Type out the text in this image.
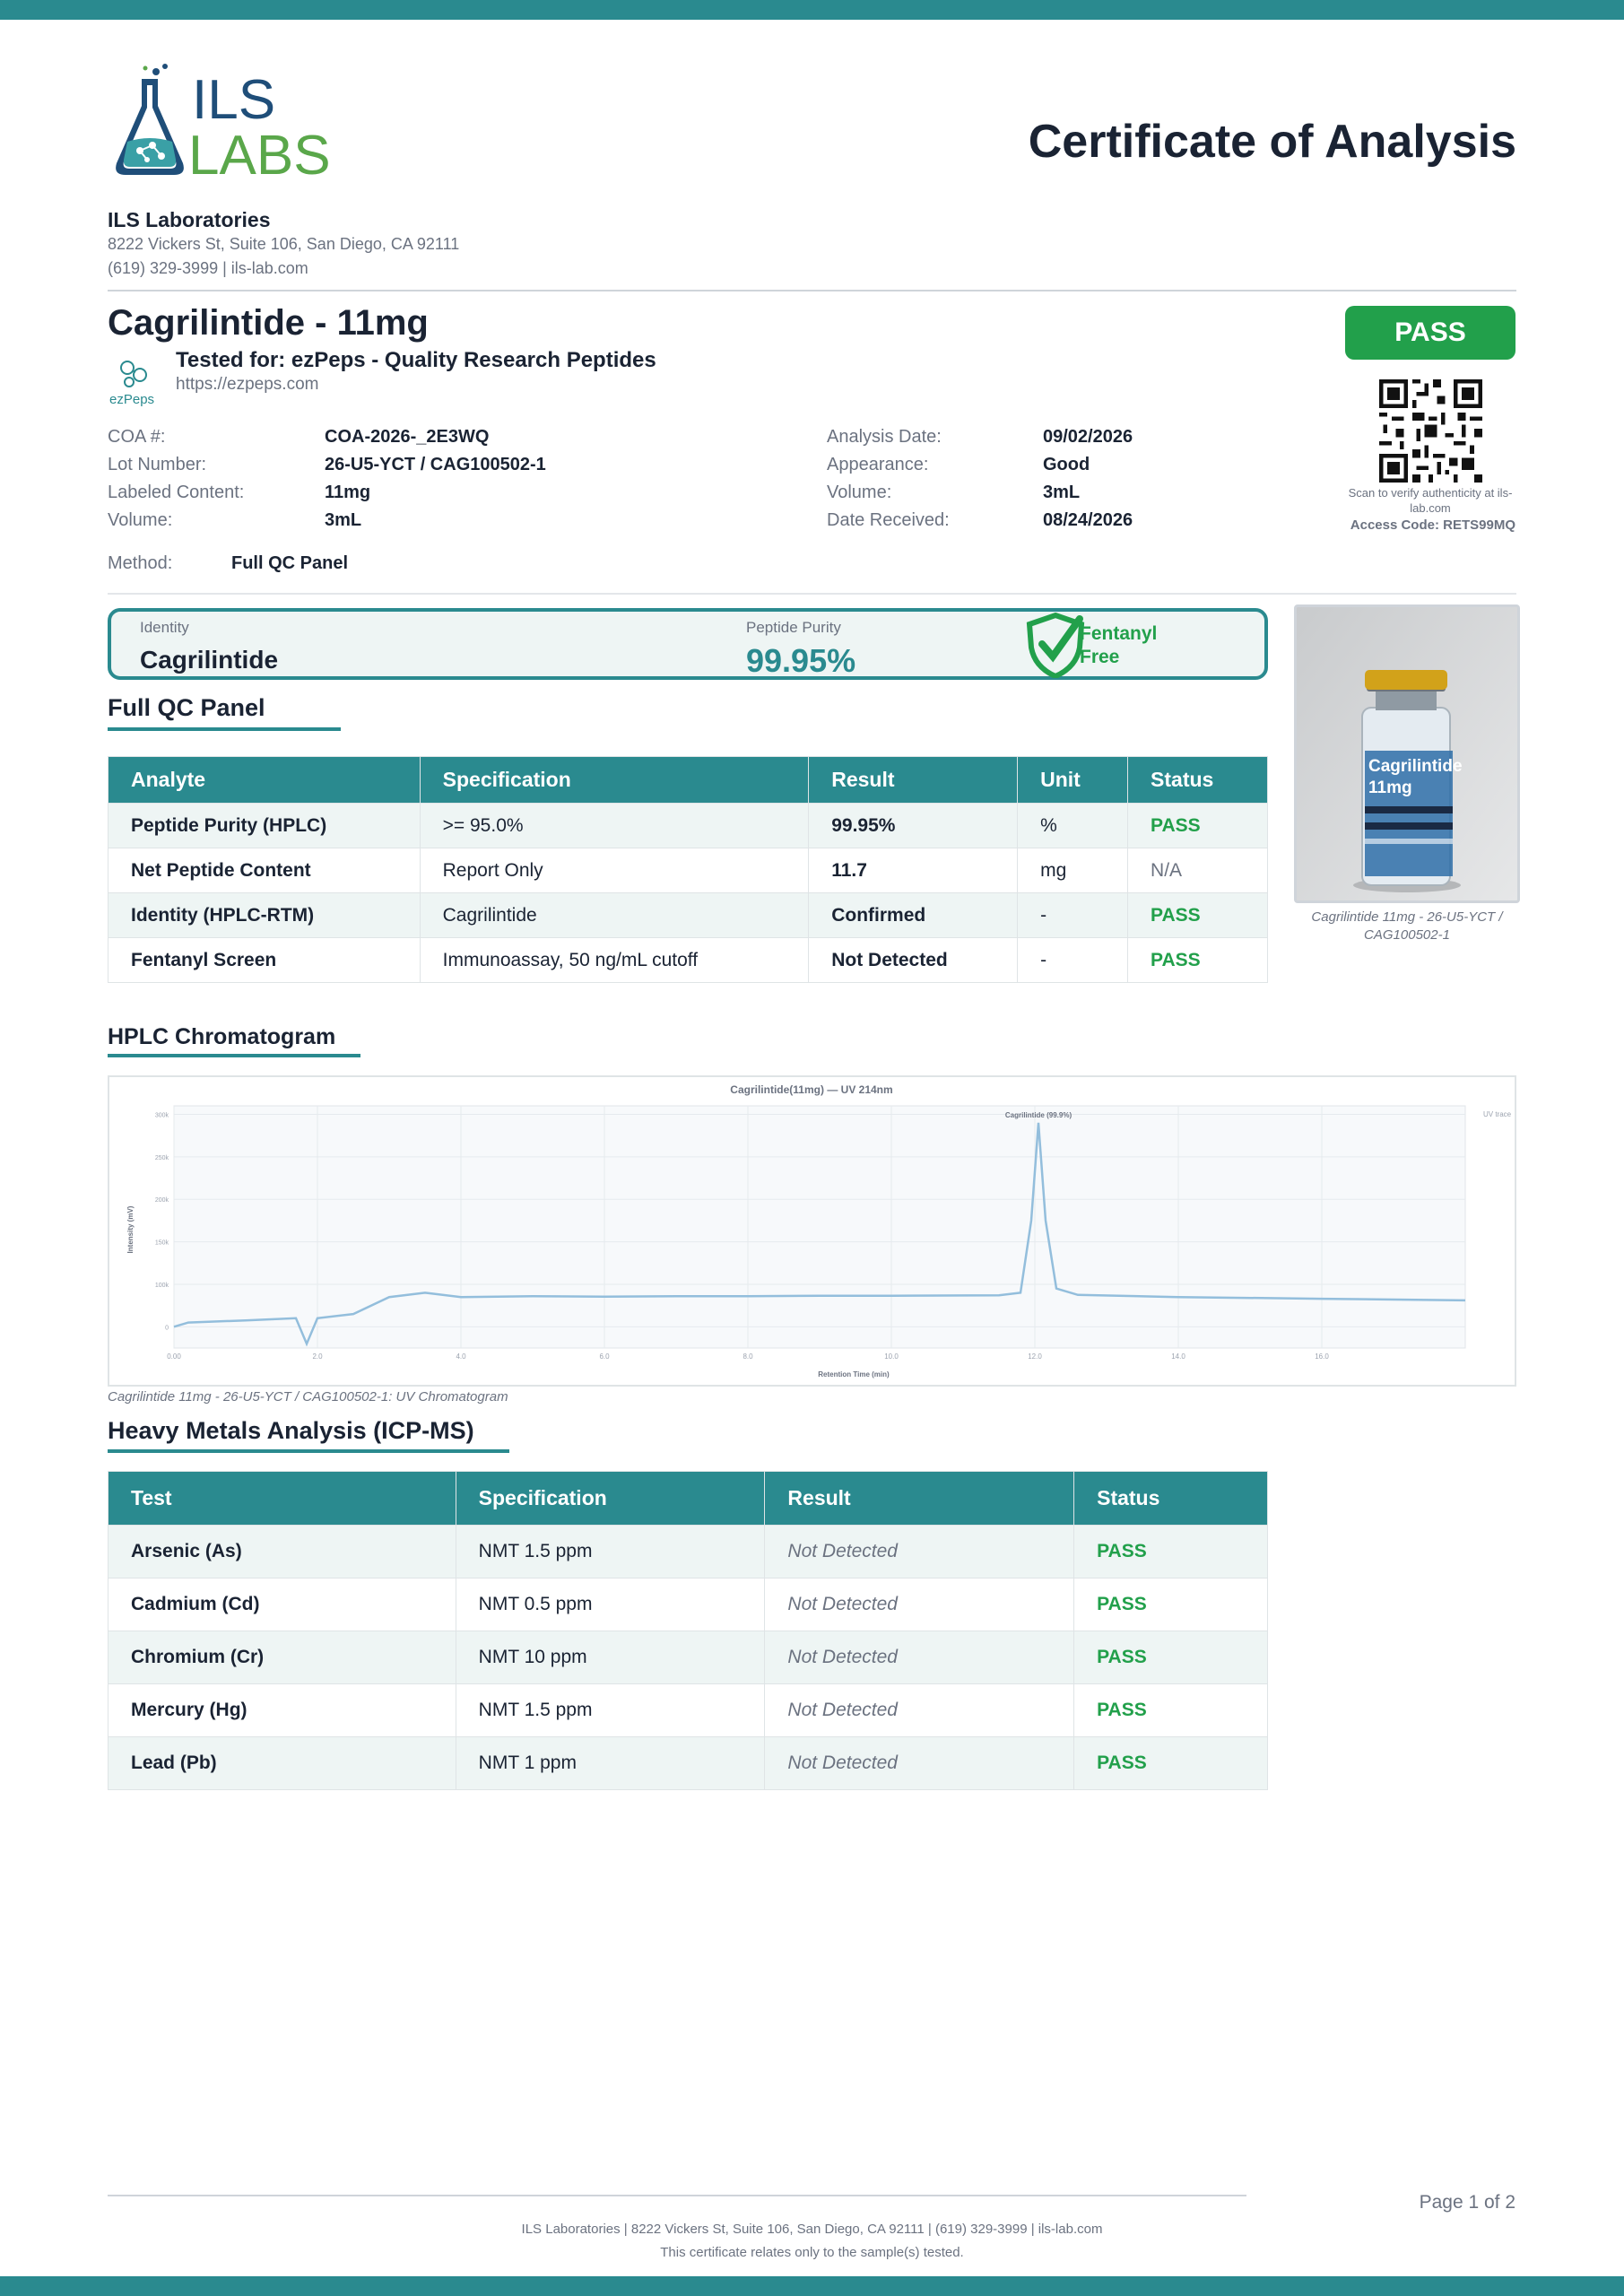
ILS
LABS	Certificate of Analysis
ILS Laboratories
8222 Vickers St, Suite 106, San Diego, CA 92111
(619) 329-3999 | ils-lab.com
Cagrilintide - 11mg
ezPeps
Tested for: ezPeps - Quality Research Peptides
https://ezpeps.com
PASS
Scan to verify authenticity at ils-lab.com
Access Code: RETS99MQ
COA #:	COA-2026-_2E3WQ
Lot Number:	26-U5-YCT / CAG100502-1
Labeled Content:	11mg
Volume:	3mL
Analysis Date:	09/02/2026
Appearance:	Good
Volume:	3mL
Date Received:	08/24/2026
Method:	Full QC Panel
Identity
Cagrilintide
Peptide Purity
99.95%
Fentanyl
Free
Cagrilintide
11mg
Cagrilintide 11mg - 26-U5-YCT / CAG100502-1
Full QC Panel
Analyte	Specification	Result	Unit	Status
Peptide Purity (HPLC)	>= 95.0%	99.95%	%	PASS
Net Peptide Content	Report Only	11.7	mg	N/A
Identity (HPLC-RTM)	Cagrilintide	Confirmed	-	PASS
Fentanyl Screen	Immunoassay, 50 ng/mL cutoff	Not Detected	-	PASS
HPLC Chromatogram
Cagrilintide(11mg) — UV 214nm
0.00	2.0	4.0	6.0	8.0	10.0	12.0	14.0	16.0
0
100k
150k
200k
250k
300k	Cagrilintide (99.9%)	UV trace
Retention Time (min)
Intensity (mV)
Cagrilintide 11mg - 26-U5-YCT / CAG100502-1: UV Chromatogram
Heavy Metals Analysis (ICP-MS)
Test	Specification	Result	Status
Arsenic (As)	NMT 1.5 ppm	Not Detected	PASS
Cadmium (Cd)	NMT 0.5 ppm	Not Detected	PASS
Chromium (Cr)	NMT 10 ppm	Not Detected	PASS
Mercury (Hg)	NMT 1.5 ppm	Not Detected	PASS
Lead (Pb)	NMT 1 ppm	Not Detected	PASS
Page 1 of 2
ILS Laboratories | 8222 Vickers St, Suite 106, San Diego, CA 92111 | (619) 329-3999 | ils-lab.com
This certificate relates only to the sample(s) tested.
